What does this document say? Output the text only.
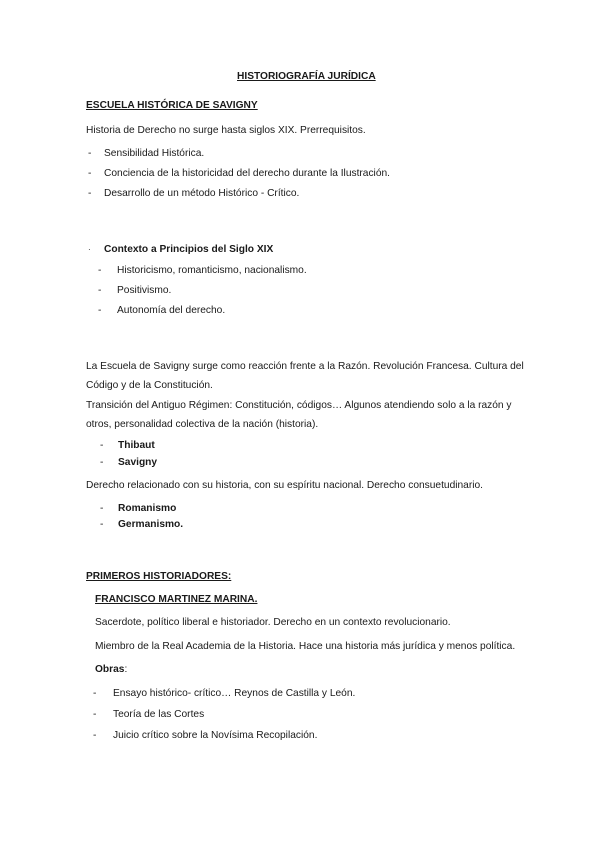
HISTORIOGRAFÍA JURÍDICA
ESCUELA HISTÓRICA DE SAVIGNY
Historia de Derecho no surge hasta siglos XIX. Prerrequisitos.
- Sensibilidad Histórica.
- Conciencia de la historicidad del derecho durante la Ilustración.
- Desarrollo de un método Histórico - Crítico.
· Contexto a Principios del Siglo XIX
- Historicismo, romanticismo, nacionalismo.
- Positivismo.
- Autonomía del derecho.
La Escuela de Savigny surge como reacción frente a la Razón. Revolución Francesa. Cultura del
Código y de la Constitución.
Transición del Antiguo Régimen: Constitución, códigos… Algunos atendiendo solo a la razón y
otros, personalidad colectiva de la nación (historia).
- Thibaut
- Savigny
Derecho relacionado con su historia, con su espíritu nacional. Derecho consuetudinario.
- Romanismo
- Germanismo.
PRIMEROS HISTORIADORES:
FRANCISCO MARTINEZ MARINA.
Sacerdote, político liberal e historiador. Derecho en un contexto revolucionario.
Miembro de la Real Academia de la Historia. Hace una historia más jurídica y menos política.
Obras:
- Ensayo histórico- crítico… Reynos de Castilla y León.
- Teoría de las Cortes
- Juicio crítico sobre la Novísima Recopilación.
